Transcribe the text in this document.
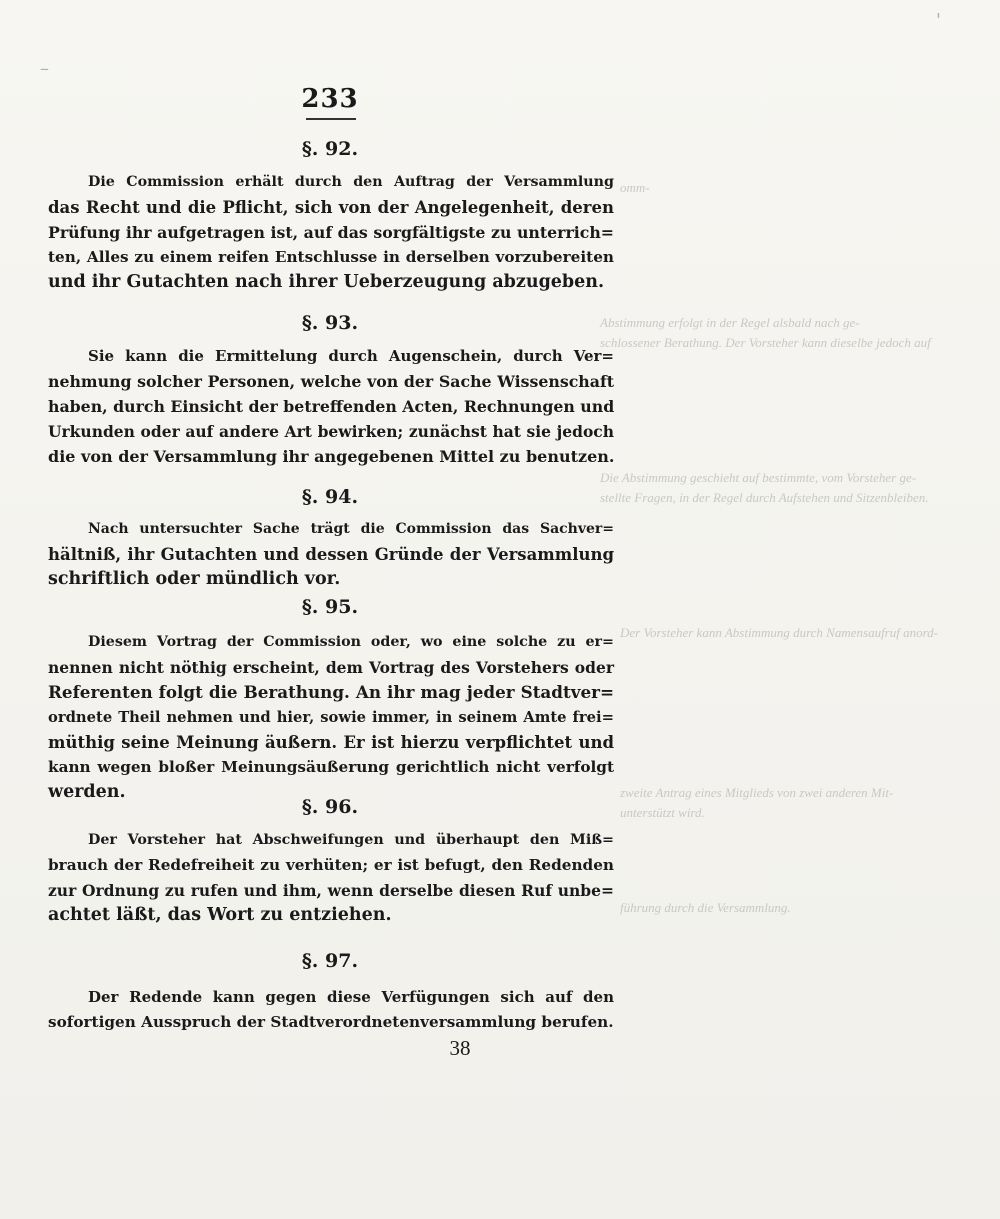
omm-
Abstimmung erfolgt in der Regel alsbald nach ge-
schlossener Berathung. Der Vorsteher kann dieselbe jedoch auf
Die Abstimmung geschieht auf bestimmte, vom Vorsteher ge-
stellte Fragen, in der Regel durch Aufstehen und Sitzenbleiben.
Der Vorsteher kann Abstimmung durch Namensaufruf anord-
zweite Antrag eines Mitglieds von zwei anderen Mit-
unterstützt wird.
führung durch die Versammlung.
–
'
233
§. 92.
Die Commission erhält durch den Auftrag der Versammlung
das Recht und die Pflicht, sich von der Angelegenheit, deren
Prüfung ihr aufgetragen ist, auf das sorgfältigste zu unterrich=
ten, Alles zu einem reifen Entschlusse in derselben vorzubereiten
und ihr Gutachten nach ihrer Ueberzeugung abzugeben.
§. 93.
Sie kann die Ermittelung durch Augenschein, durch Ver=
nehmung solcher Personen, welche von der Sache Wissenschaft
haben, durch Einsicht der betreffenden Acten, Rechnungen und
Urkunden oder auf andere Art bewirken; zunächst hat sie jedoch
die von der Versammlung ihr angegebenen Mittel zu benutzen.
§. 94.
Nach untersuchter Sache trägt die Commission das Sachver=
hältniß, ihr Gutachten und dessen Gründe der Versammlung
schriftlich oder mündlich vor.
§. 95.
Diesem Vortrag der Commission oder, wo eine solche zu er=
nennen nicht nöthig erscheint, dem Vortrag des Vorstehers oder
Referenten folgt die Berathung. An ihr mag jeder Stadtver=
ordnete Theil nehmen und hier, sowie immer, in seinem Amte frei=
müthig seine Meinung äußern. Er ist hierzu verpflichtet und
kann wegen bloßer Meinungsäußerung gerichtlich nicht verfolgt
werden.
§. 96.
Der Vorsteher hat Abschweifungen und überhaupt den Miß=
brauch der Redefreiheit zu verhüten; er ist befugt, den Redenden
zur Ordnung zu rufen und ihm, wenn derselbe diesen Ruf unbe=
achtet läßt, das Wort zu entziehen.
§. 97.
Der Redende kann gegen diese Verfügungen sich auf den
sofortigen Ausspruch der Stadtverordnetenversammlung berufen.
38
